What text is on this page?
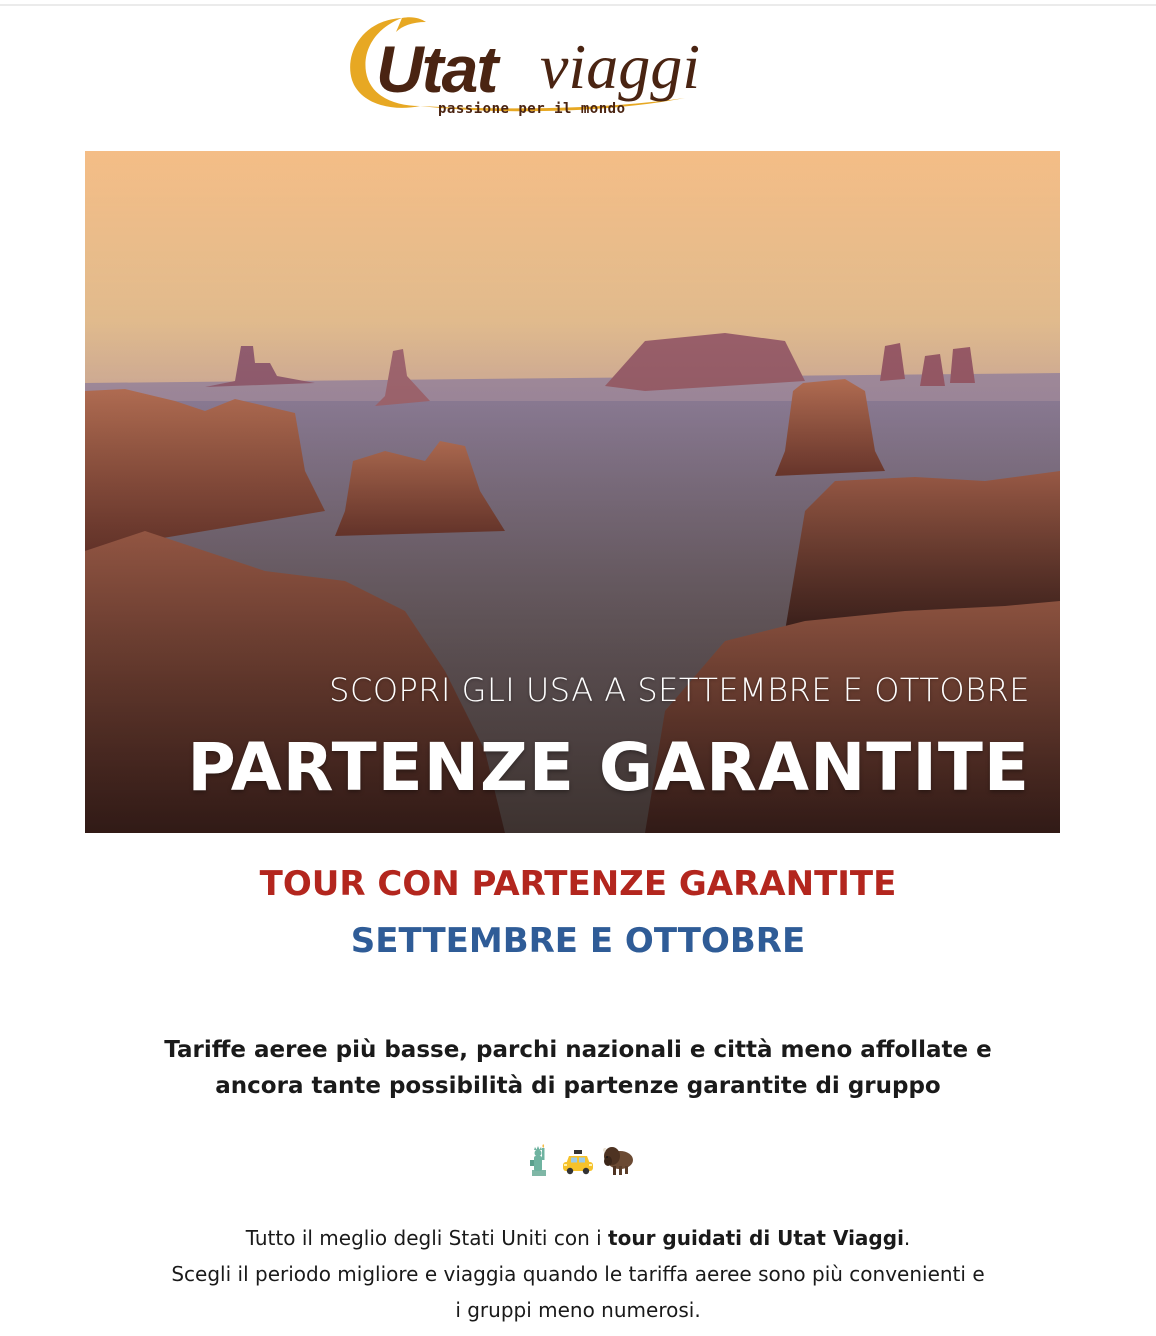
Utat viaggi
passione per il mondo
SCOPRI GLI USA A SETTEMBRE E OTTOBRE
PARTENZE GARANTITE
TOUR CON PARTENZE GARANTITE
SETTEMBRE E OTTOBRE
Tariffe aeree più basse, parchi nazionali e città meno affollate e
ancora tante possibilità di partenze garantite di gruppo
Tutto il meglio degli Stati Uniti con i tour guidati di Utat Viaggi.
Scegli il periodo migliore e viaggia quando le tariffa aeree sono più convenienti e
i gruppi meno numerosi.
